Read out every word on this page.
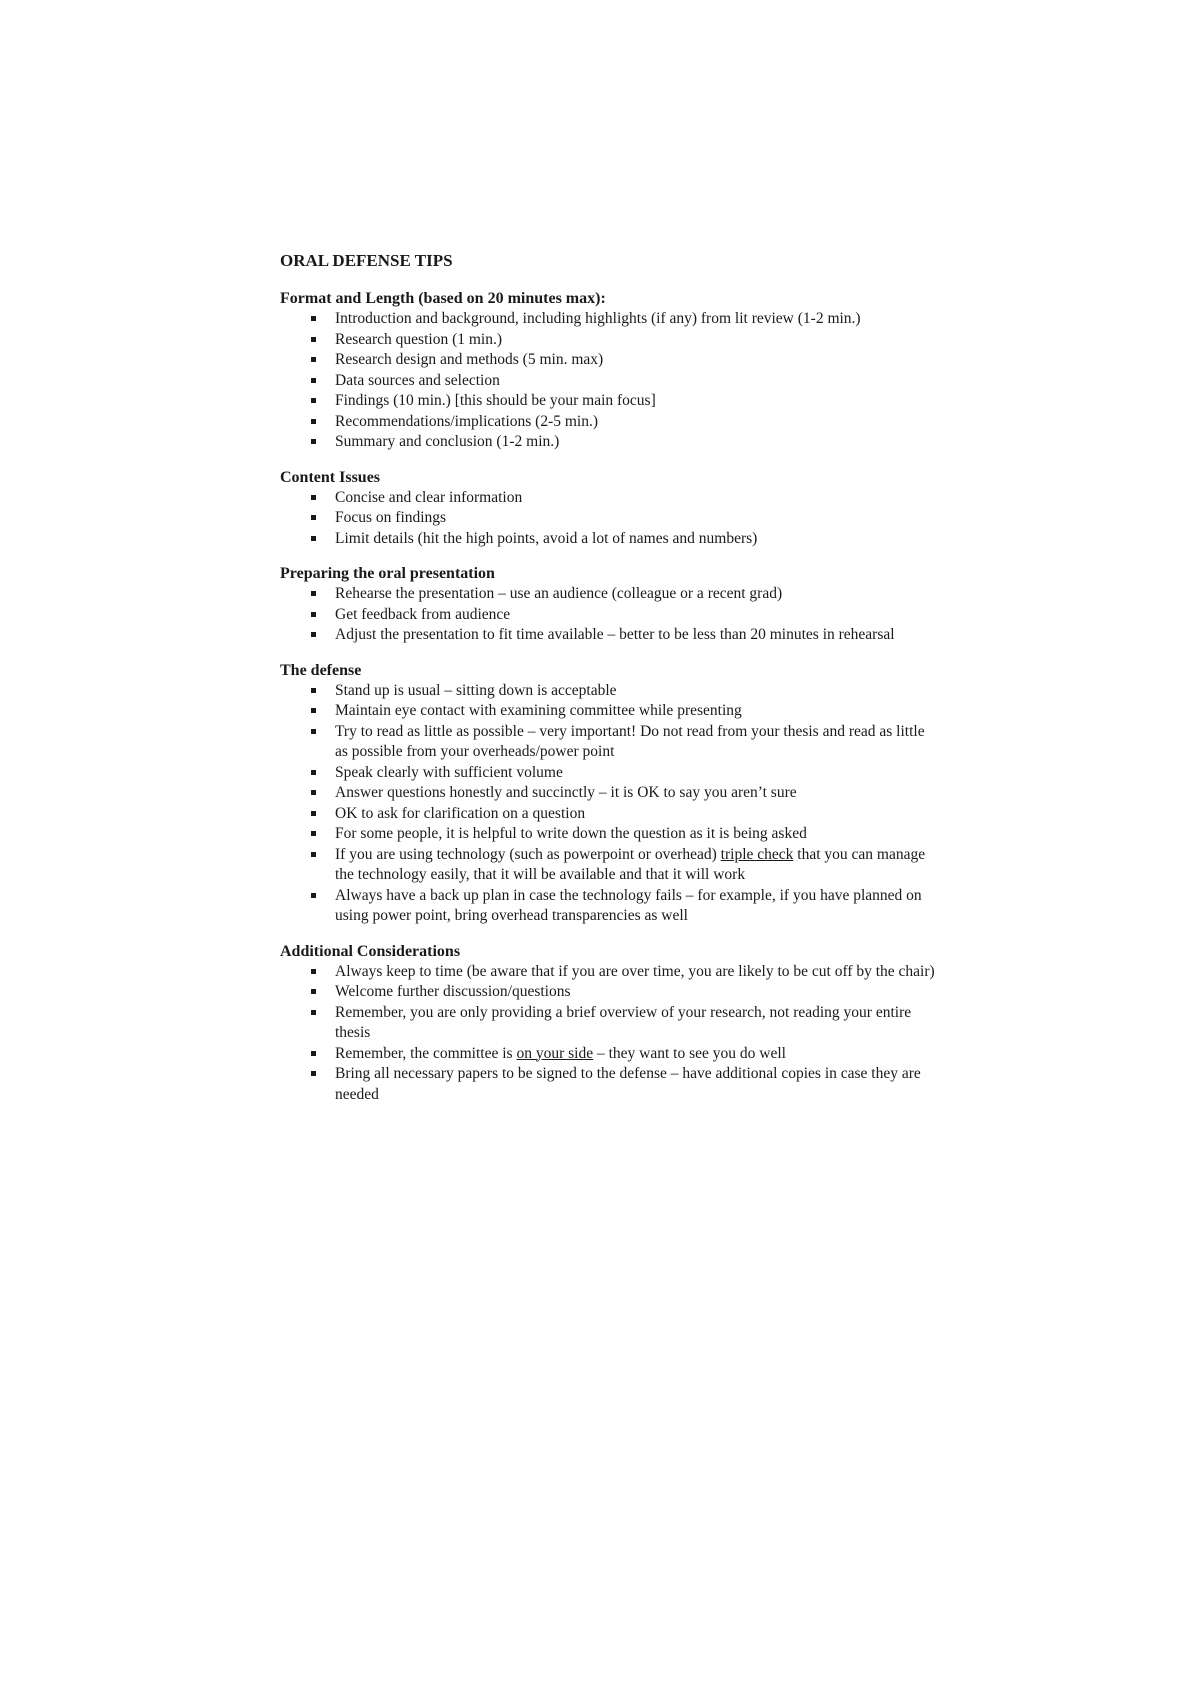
ORAL DEFENSE TIPS
Format and Length (based on 20 minutes max):
Introduction and background, including highlights (if any) from lit review (1-2 min.)
Research question (1 min.)
Research design and methods (5 min. max)
Data sources and selection
Findings (10 min.) [this should be your main focus]
Recommendations/implications (2-5 min.)
Summary and conclusion (1-2 min.)
Content Issues
Concise and clear information
Focus on findings
Limit details (hit the high points, avoid a lot of names and numbers)
Preparing the oral presentation
Rehearse the presentation – use an audience (colleague or a recent grad)
Get feedback from audience
Adjust the presentation to fit time available – better to be less than 20 minutes in rehearsal
The defense
Stand up is usual – sitting down is acceptable
Maintain eye contact with examining committee while presenting
Try to read as little as possible – very important! Do not read from your thesis and read as little as possible from your overheads/power point
Speak clearly with sufficient volume
Answer questions honestly and succinctly – it is OK to say you aren’t sure
OK to ask for clarification on a question
For some people, it is helpful to write down the question as it is being asked
If you are using technology (such as powerpoint or overhead) triple check that you can manage the technology easily, that it will be available and that it will work
Always have a back up plan in case the technology fails – for example, if you have planned on using power point, bring overhead transparencies as well
Additional Considerations
Always keep to time (be aware that if you are over time, you are likely to be cut off by the chair)
Welcome further discussion/questions
Remember, you are only providing a brief overview of your research, not reading your entire thesis
Remember, the committee is on your side – they want to see you do well
Bring all necessary papers to be signed to the defense – have additional copies in case they are needed
